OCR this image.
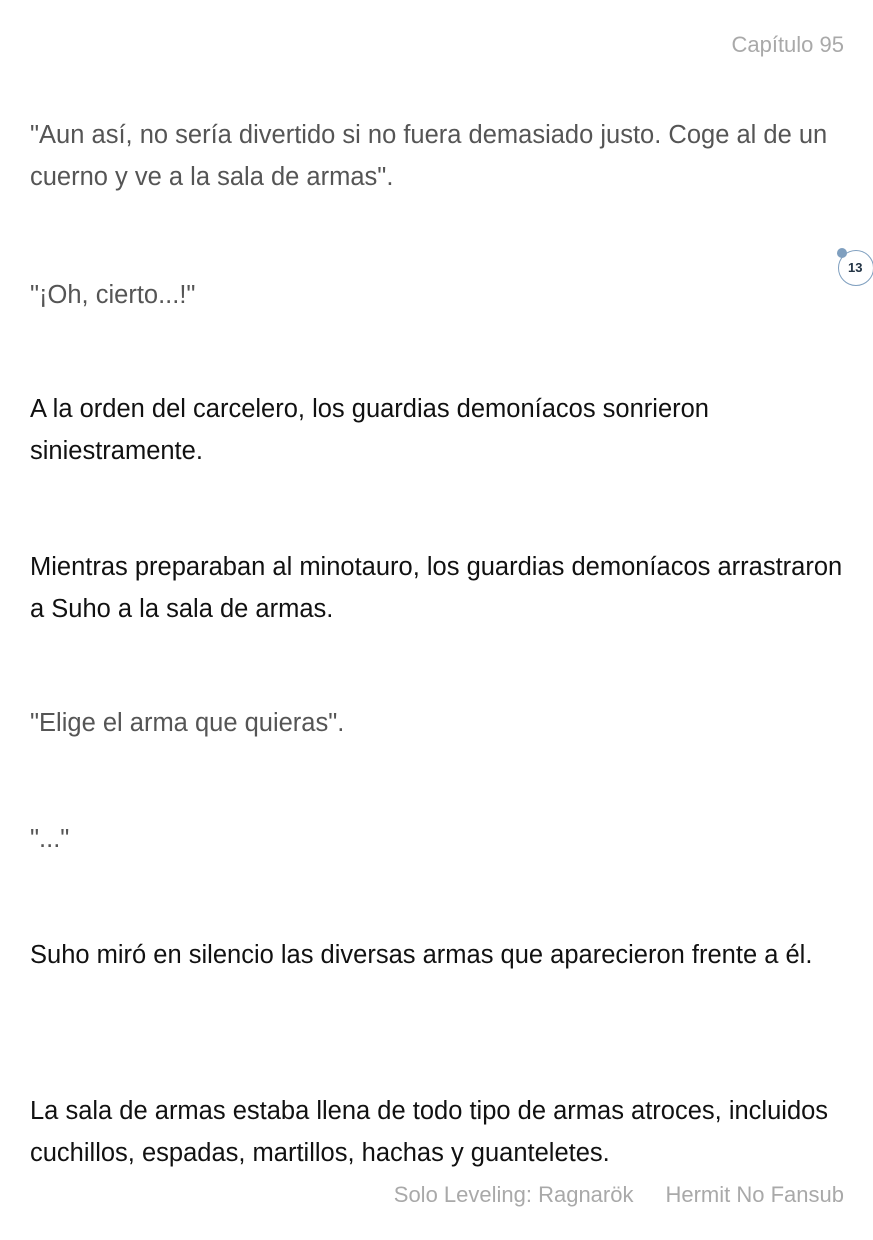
Capítulo 95

"Aun así, no sería divertido si no fuera demasiado justo. Coge al de un cuerno y ve a la sala de armas".

13

"¡Oh, cierto...!"

A la orden del carcelero, los guardias demoníacos sonrieron siniestramente.

Mientras preparaban al minotauro, los guardias demoníacos arrastraron a Suho a la sala de armas.

"Elige el arma que quieras".

"..."

Suho miró en silencio las diversas armas que aparecieron frente a él.

La sala de armas estaba llena de todo tipo de armas atroces, incluidos cuchillos, espadas, martillos, hachas y guanteletes.

Solo Leveling: Ragnarök Hermit No Fansub
